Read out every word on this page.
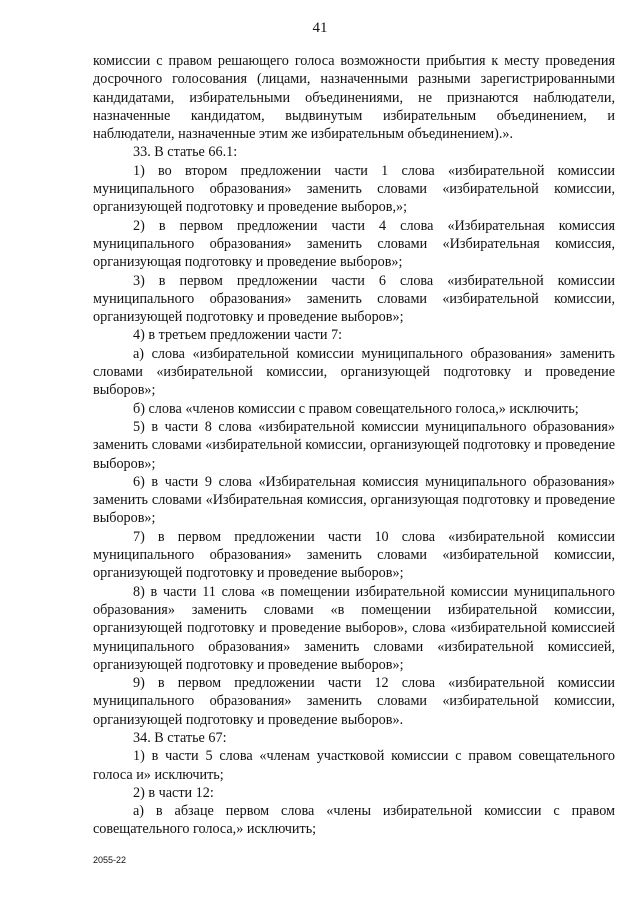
41

комиссии с правом решающего голоса возможности прибытия к месту проведения досрочного голосования (лицами, назначенными разными зарегистрированными кандидатами, избирательными объединениями, не признаются наблюдатели, назначенные кандидатом, выдвинутым избирательным объединением, и наблюдатели, назначенные этим же избирательным объединением).».

33. В статье 66.1:

1) во втором предложении части 1 слова «избирательной комиссии муниципального образования» заменить словами «избирательной комиссии, организующей подготовку и проведение выборов,»;

2) в первом предложении части 4 слова «Избирательная комиссия муниципального образования» заменить словами «Избирательная комиссия, организующая подготовку и проведение выборов»;

3) в первом предложении части 6 слова «избирательной комиссии муниципального образования» заменить словами «избирательной комиссии, организующей подготовку и проведение выборов»;

4) в третьем предложении части 7:

а) слова «избирательной комиссии муниципального образования» заменить словами «избирательной комиссии, организующей подготовку и проведение выборов»;

б) слова «членов комиссии с правом совещательного голоса,» исключить;

5) в части 8 слова «избирательной комиссии муниципального образования» заменить словами «избирательной комиссии, организующей подготовку и проведение выборов»;

6) в части 9 слова «Избирательная комиссия муниципального образования» заменить словами «Избирательная комиссия, организующая подготовку и проведение выборов»;

7) в первом предложении части 10 слова «избирательной комиссии муниципального образования» заменить словами «избирательной комиссии, организующей подготовку и проведение выборов»;

8) в части 11 слова «в помещении избирательной комиссии муниципального образования» заменить словами «в помещении избирательной комиссии, организующей подготовку и проведение выборов», слова «избирательной комиссией муниципального образования» заменить словами «избирательной комиссией, организующей подготовку и проведение выборов»;

9) в первом предложении части 12 слова «избирательной комиссии муниципального образования» заменить словами «избирательной комиссии, организующей подготовку и проведение выборов».

34. В статье 67:

1) в части 5 слова «членам участковой комиссии с правом совещательного голоса и» исключить;

2) в части 12:

а) в абзаце первом слова «члены избирательной комиссии с правом совещательного голоса,» исключить;

2055-22
